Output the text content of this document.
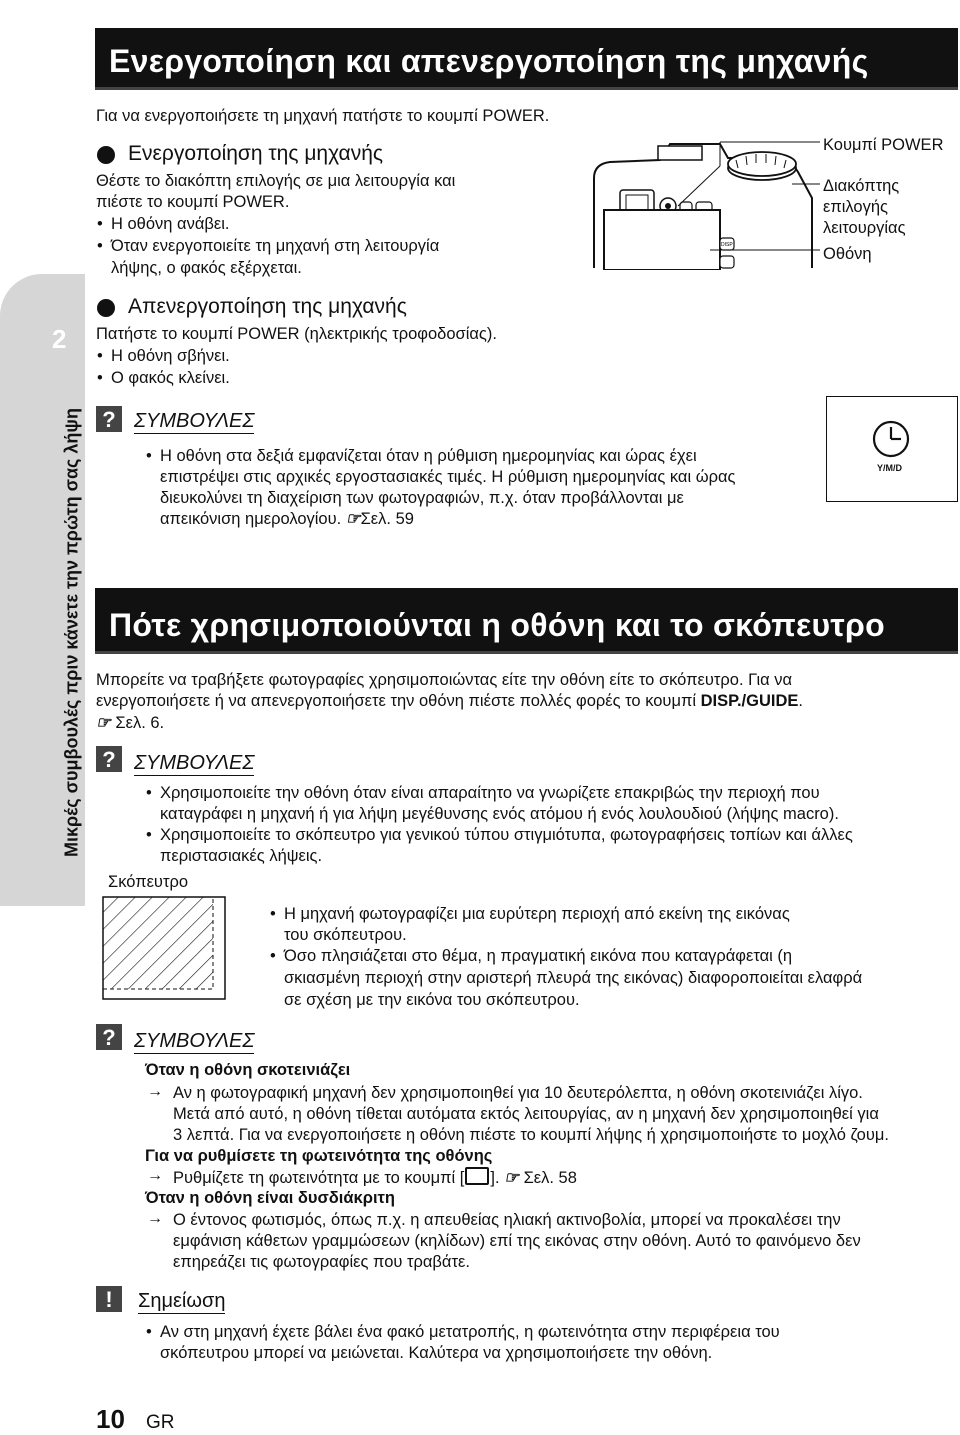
2
Μικρές συμβουλές πριν κάνετε την πρώτη σας λήψη
Ενεργοποίηση και απενεργοποίηση της μηχανής
Για να ενεργοποιήσετε τη μηχανή πατήστε το κουμπί POWER.
Ενεργοποίηση της μηχανής
Θέστε το διακόπτη επιλογής σε μια λειτουργία και
πιέστε το κουμπί POWER.
• Η οθόνη ανάβει.
• Όταν ενεργοποιείτε τη μηχανή στη λειτουργία
λήψης, ο φακός εξέρχεται.
Απενεργοποίηση της μηχανής
Πατήστε το κουμπί POWER (ηλεκτρικής τροφοδοσίας).
• Η οθόνη σβήνει.
• Ο φακός κλείνει.
DISP
Κουμπί POWER
Διακόπτης
επιλογής
λειτουργίας
Οθόνη
? ΣΥΜΒΟΥΛΕΣ
• Η οθόνη στα δεξιά εμφανίζεται όταν η ρύθμιση ημερομηνίας και ώρας έχει
επιστρέψει στις αρχικές εργοστασιακές τιμές. Η ρύθμιση ημερομηνίας και ώρας
διευκολύνει τη διαχείριση των φωτογραφιών, π.χ. όταν προβάλλονται με
απεικόνιση ημερολογίου. ☞Σελ. 59
Y/M/D
Πότε χρησιμοποιούνται η οθόνη και το σκόπευτρο
Μπορείτε να τραβήξετε φωτογραφίες χρησιμοποιώντας είτε την οθόνη είτε το σκόπευτρο. Για να
ενεργοποιήσετε ή να απενεργοποιήσετε την οθόνη πιέστε πολλές φορές το κουμπί DISP./GUIDE.
☞ Σελ. 6.
? ΣΥΜΒΟΥΛΕΣ
• Χρησιμοποιείτε την οθόνη όταν είναι απαραίτητο να γνωρίζετε επακριβώς την περιοχή που
καταγράφει η μηχανή ή για λήψη μεγέθυνσης ενός ατόμου ή ενός λουλουδιού (λήψης macro).
• Χρησιμοποιείτε το σκόπευτρο για γενικού τύπου στιγμιότυπα, φωτογραφήσεις τοπίων και άλλες
περιστασιακές λήψεις.
Σκόπευτρο
• Η μηχανή φωτογραφίζει μια ευρύτερη περιοχή από εκείνη της εικόνας
του σκόπευτρου.
• Όσο πλησιάζεται στο θέμα, η πραγματική εικόνα που καταγράφεται (η
σκιασμένη περιοχή στην αριστερή πλευρά της εικόνας) διαφοροποιείται ελαφρά
σε σχέση με την εικόνα του σκόπευτρου.
? ΣΥΜΒΟΥΛΕΣ
Όταν η οθόνη σκοτεινιάζει
→ Αν η φωτογραφική μηχανή δεν χρησιμοποιηθεί για 10 δευτερόλεπτα, η οθόνη σκοτεινιάζει λίγο.
Μετά από αυτό, η οθόνη τίθεται αυτόματα εκτός λειτουργίας, αν η μηχανή δεν χρησιμοποιηθεί για
3 λεπτά. Για να ενεργοποιήσετε η οθόνη πιέστε το κουμπί λήψης ή χρησιμοποιήστε το μοχλό ζουμ.
Για να ρυθμίσετε τη φωτεινότητα της οθόνης
→ Ρυθμίζετε τη φωτεινότητα με το κουμπί [ ]. ☞ Σελ. 58
Όταν η οθόνη είναι δυσδιάκριτη
→ Ο έντονος φωτισμός, όπως π.χ. η απευθείας ηλιακή ακτινοβολία, μπορεί να προκαλέσει την
εμφάνιση κάθετων γραμμώσεων (κηλίδων) επί της εικόνας στην οθόνη. Αυτό το φαινόμενο δεν
επηρεάζει τις φωτογραφίες που τραβάτε.
! Σημείωση
• Αν στη μηχανή έχετε βάλει ένα φακό μετατροπής, η φωτεινότητα στην περιφέρεια του
σκόπευτρου μπορεί να μειώνεται. Καλύτερα να χρησιμοποιήσετε την οθόνη.
10 GR
